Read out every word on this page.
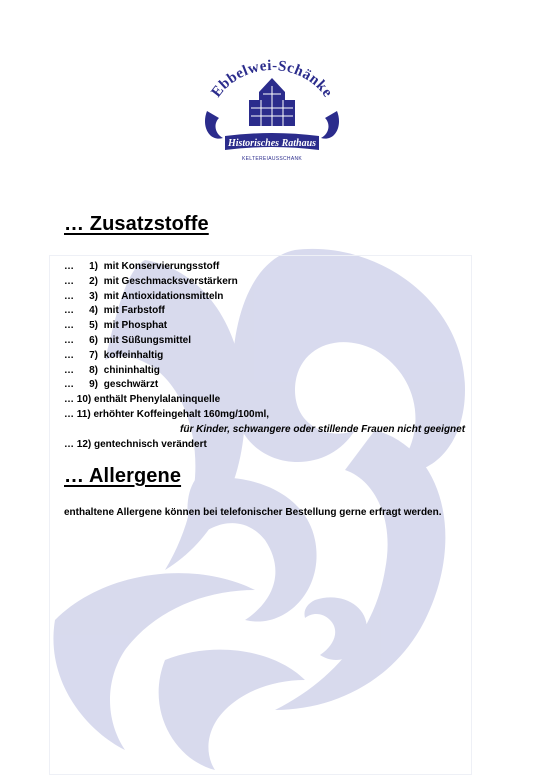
Ebbelwei-Schänke
Historisches Rathaus
KELTEREIAUSSCHANK
… Zusatzstoffe
… 1) mit Konservierungsstoff
… 2) mit Geschmacksverstärkern
… 3) mit Antioxidationsmitteln
… 4) mit Farbstoff
… 5) mit Phosphat
… 6) mit Süßungsmittel
… 7) koffeinhaltig
… 8) chininhaltig
… 9) geschwärzt
… 10) enthält Phenylalaninquelle
… 11) erhöhter Koffeingehalt 160mg/100ml,
für Kinder, schwangere oder stillende Frauen nicht geeignet
… 12) gentechnisch verändert
… Allergene

enthaltene Allergene können bei telefonischer Bestellung gerne erfragt werden.
